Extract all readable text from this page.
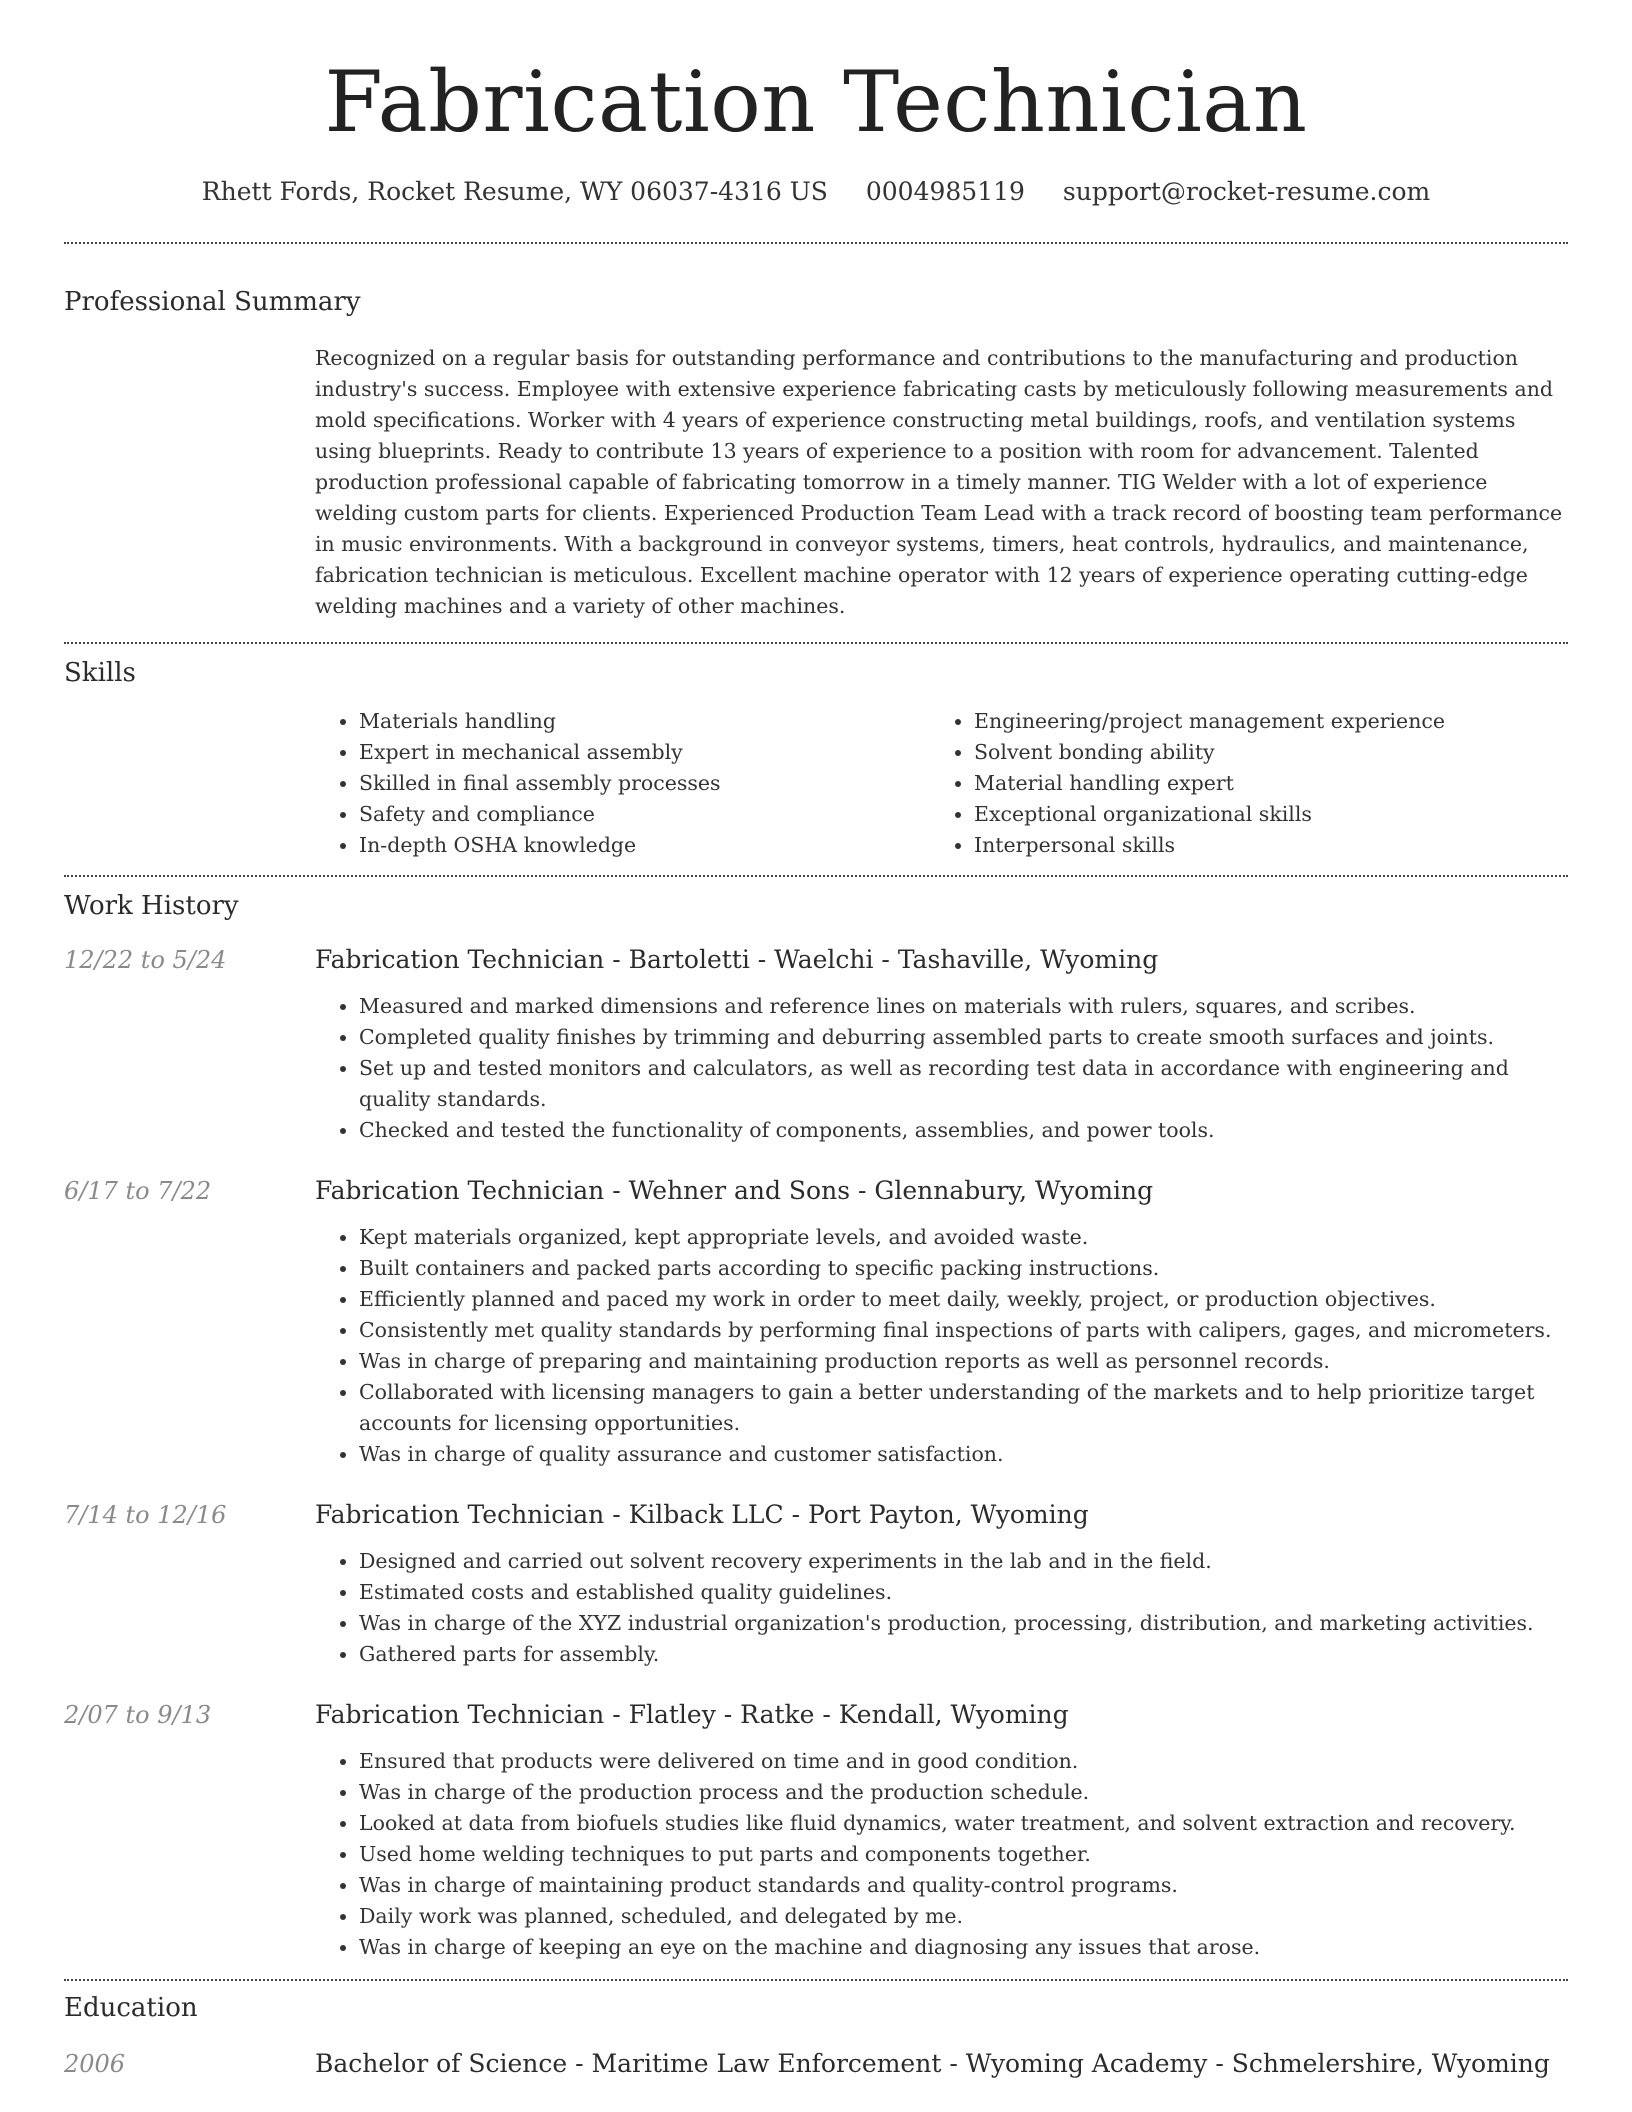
Fabrication Technician
Rhett Fords, Rocket Resume, WY 06037-4316 US 0004985119 support@rocket-resume.com
Professional Summary
Recognized on a regular basis for outstanding performance and contributions to the manufacturing and production industry's success. Employee with extensive experience fabricating casts by meticulously following measurements and mold specifications. Worker with 4 years of experience constructing metal buildings, roofs, and ventilation systems using blueprints. Ready to contribute 13 years of experience to a position with room for advancement. Talented production professional capable of fabricating tomorrow in a timely manner. TIG Welder with a lot of experience welding custom parts for clients. Experienced Production Team Lead with a track record of boosting team performance in music environments. With a background in conveyor systems, timers, heat controls, hydraulics, and maintenance, fabrication technician is meticulous. Excellent machine operator with 12 years of experience operating cutting-edge welding machines and a variety of other machines.
Skills
• Materials handling
• Expert in mechanical assembly
• Skilled in final assembly processes
• Safety and compliance
• In-depth OSHA knowledge
• Engineering/project management experience
• Solvent bonding ability
• Material handling expert
• Exceptional organizational skills
• Interpersonal skills
Work History
12/22 to 5/24	Fabrication Technician - Bartoletti - Waelchi - Tashaville, Wyoming
• Measured and marked dimensions and reference lines on materials with rulers, squares, and scribes.
• Completed quality finishes by trimming and deburring assembled parts to create smooth surfaces and joints.
• Set up and tested monitors and calculators, as well as recording test data in accordance with engineering and quality standards.
• Checked and tested the functionality of components, assemblies, and power tools.
6/17 to 7/22	Fabrication Technician - Wehner and Sons - Glennabury, Wyoming
• Kept materials organized, kept appropriate levels, and avoided waste.
• Built containers and packed parts according to specific packing instructions.
• Efficiently planned and paced my work in order to meet daily, weekly, project, or production objectives.
• Consistently met quality standards by performing final inspections of parts with calipers, gages, and micrometers.
• Was in charge of preparing and maintaining production reports as well as personnel records.
• Collaborated with licensing managers to gain a better understanding of the markets and to help prioritize target accounts for licensing opportunities.
• Was in charge of quality assurance and customer satisfaction.
7/14 to 12/16	Fabrication Technician - Kilback LLC - Port Payton, Wyoming
• Designed and carried out solvent recovery experiments in the lab and in the field.
• Estimated costs and established quality guidelines.
• Was in charge of the XYZ industrial organization's production, processing, distribution, and marketing activities.
• Gathered parts for assembly.
2/07 to 9/13	Fabrication Technician - Flatley - Ratke - Kendall, Wyoming
• Ensured that products were delivered on time and in good condition.
• Was in charge of the production process and the production schedule.
• Looked at data from biofuels studies like fluid dynamics, water treatment, and solvent extraction and recovery.
• Used home welding techniques to put parts and components together.
• Was in charge of maintaining product standards and quality-control programs.
• Daily work was planned, scheduled, and delegated by me.
• Was in charge of keeping an eye on the machine and diagnosing any issues that arose.
Education
2006	Bachelor of Science - Maritime Law Enforcement - Wyoming Academy - Schmelershire, Wyoming
